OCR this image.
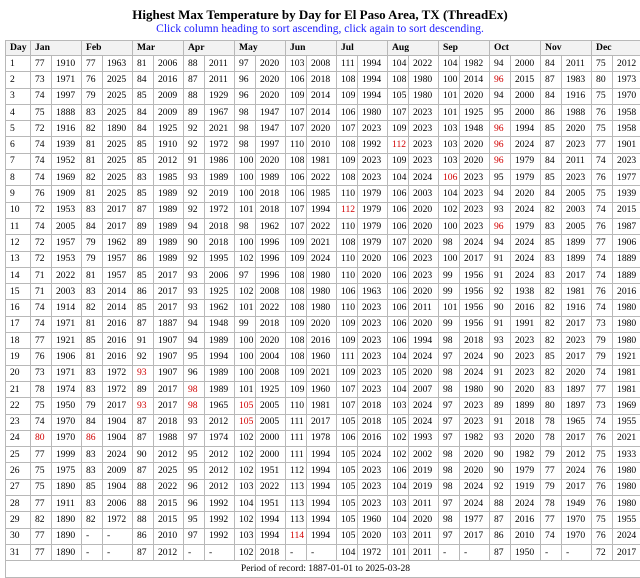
Highest Max Temperature by Day for El Paso Area, TX (ThreadEx)
Click column heading to sort ascending, click again to sort descending.
Day	Jan		Feb		Mar		Apr		May		Jun		Jul		Aug		Sep		Oct		Nov		Dec	
1	77	1910	77	1963	81	2006	88	2011	97	2020	103	2008	111	1994	104	2022	104	1982	94	2000	84	2011	75	2012
2	73	1971	76	2025	84	2016	87	2011	96	2020	106	2018	108	1994	108	1980	100	2014	96	2015	87	1983	80	1973
3	74	1997	79	2025	85	2009	88	1929	96	2020	109	2014	109	1994	105	1980	101	2020	94	2000	84	1916	75	1970
4	75	1888	83	2025	84	2009	89	1967	98	1947	107	2014	106	1980	107	2023	101	1925	95	2000	86	1988	76	1958
5	72	1916	82	1890	84	1925	92	2021	98	1947	107	2020	107	2023	109	2023	103	1948	96	1994	85	2020	75	1958
6	74	1939	81	2025	85	1910	92	1972	98	1997	110	2010	108	1992	112	2023	103	2020	96	2024	87	2023	77	1901
7	74	1952	81	2025	85	2012	91	1986	100	2020	108	1981	109	2023	109	2023	103	2020	96	1979	84	2011	74	2023
8	74	1969	82	2025	83	1985	93	1989	100	1989	106	2022	108	2023	104	2024	106	2023	95	1979	85	2023	76	1977
9	76	1909	81	2025	85	1989	92	2019	100	2018	106	1985	110	1979	106	2003	104	2023	94	2020	84	2005	75	1939
10	72	1953	83	2017	87	1989	92	1972	101	2018	107	1994	112	1979	106	2020	102	2023	93	2024	82	2003	74	2015
11	74	2005	84	2017	89	1989	94	2018	98	1962	107	2022	110	1979	106	2020	100	2023	96	1979	83	2005	76	1987
12	72	1957	79	1962	89	1989	90	2018	100	1996	109	2021	108	1979	107	2020	98	2024	94	2024	85	1899	77	1906
13	72	1953	79	1957	86	1989	92	1995	102	1996	109	2024	110	2020	106	2023	100	2017	91	2024	83	1899	74	1889
14	71	2022	81	1957	85	2017	93	2006	97	1996	108	1980	110	2020	106	2023	99	1956	91	2024	83	2017	74	1889
15	71	2003	83	2014	86	2017	93	1925	102	2008	108	1980	106	1963	106	2020	99	1956	92	1938	82	1981	76	2016
16	74	1914	82	2014	85	2017	93	1962	101	2022	108	1980	110	2023	106	2011	101	1956	90	2016	82	1916	74	1980
17	74	1971	81	2016	87	1887	94	1948	99	2018	109	2020	109	2023	106	2020	99	1956	91	1991	82	2017	73	1980
18	77	1921	85	2016	91	1907	94	1989	100	2020	108	2016	109	2023	106	1994	98	2018	93	2023	82	2023	79	1980
19	76	1906	81	2016	92	1907	95	1994	100	2004	108	1960	111	2023	104	2024	97	2024	90	2023	85	2017	79	1921
20	73	1971	83	1972	93	1907	96	1989	100	2008	109	2021	109	2023	105	2020	98	2024	91	2023	82	2020	74	1981
21	78	1974	83	1972	89	2017	98	1989	101	1925	109	1960	107	2023	104	2007	98	1980	90	2020	83	1897	77	1981
22	75	1950	79	2017	93	2017	98	1965	105	2005	110	1981	107	2018	103	2024	97	2023	89	1899	80	1897	73	1969
23	74	1970	84	1904	87	2018	93	2012	105	2005	111	2017	105	2018	105	2024	97	2023	91	2018	78	1965	74	1955
24	80	1970	86	1904	87	1988	97	1974	102	2000	111	1978	106	2016	102	1993	97	1982	93	2020	78	2017	76	2021
25	77	1999	83	2024	90	2012	95	2012	102	2000	111	1994	105	2024	102	2002	98	2020	90	1982	79	2012	75	1933
26	75	1975	83	2009	87	2025	95	2012	102	1951	112	1994	105	2023	106	2019	98	2020	90	1979	77	2024	76	1980
27	75	1890	85	1904	88	2022	96	2012	103	2022	113	1994	105	2023	104	2019	98	2024	92	1919	79	2017	76	1980
28	77	1911	83	2006	88	2015	96	1992	104	1951	113	1994	105	2023	103	2011	97	2024	88	2024	78	1949	76	1980
29	82	1890	82	1972	88	2015	95	1992	102	1994	113	1994	105	1960	104	2020	98	1977	87	2016	77	1970	75	1955
30	77	1890	-	-	86	2010	97	1992	103	1994	114	1994	105	2020	103	2011	97	2017	86	2010	74	1970	76	2024
31	77	1890	-	-	87	2012	-	-	102	2018	-	-	104	1972	101	2011	-	-	87	1950	-	-	72	2017
Period of record: 1887-01-01 to 2025-03-28																								
